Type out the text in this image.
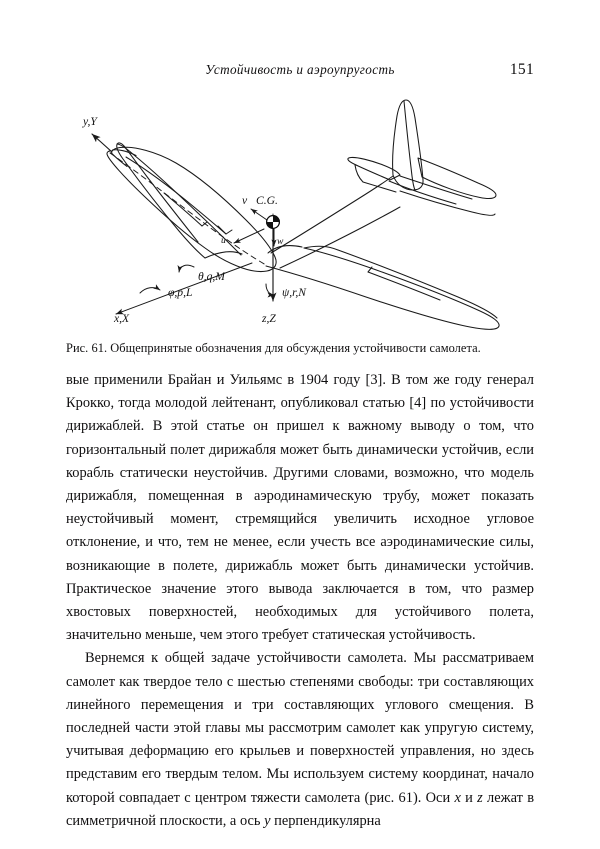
Устойчивость и аэроупругость	151
y,Y
θ,q,M
v C.G.
u	w
φ,p,L
x,X
ψ,r,N
z,Z
Рис. 61. Общепринятые обозначения для обсуждения устойчивости самолета.

вые применили Брайан и Уильямс в 1904 году [3]. В том же году генерал Крокко, тогда молодой лейтенант, опубликовал статью [4] по устойчивости дирижаблей. В этой статье он пришел к важному выводу о том, что горизонтальный полет дирижабля может быть динамически устойчив, если корабль статически неустойчив. Другими словами, возможно, что модель дирижабля, помещенная в аэродинамическую трубу, может показать неустойчивый момент, стремящийся увеличить исходное угловое отклонение, и что, тем не менее, если учесть все аэродинамические силы, возникающие в полете, дирижабль может быть динамически устойчив. Практическое значение этого вывода заключается в том, что размер хвостовых поверхностей, необходимых для устойчивого полета, значительно меньше, чем этого требует статическая устойчивость.

Вернемся к общей задаче устойчивости самолета. Мы рассматриваем самолет как твердое тело с шестью степенями свободы: три составляющих линейного перемещения и три составляющих углового смещения. В последней части этой главы мы рассмотрим самолет как упругую систему, учитывая деформацию его крыльев и поверхностей управления, но здесь представим его твердым телом. Мы используем систему координат, начало которой совпадает с центром тяжести самолета (рис. 61). Оси x и z лежат в симметричной плоскости, а ось y перпендикулярна
